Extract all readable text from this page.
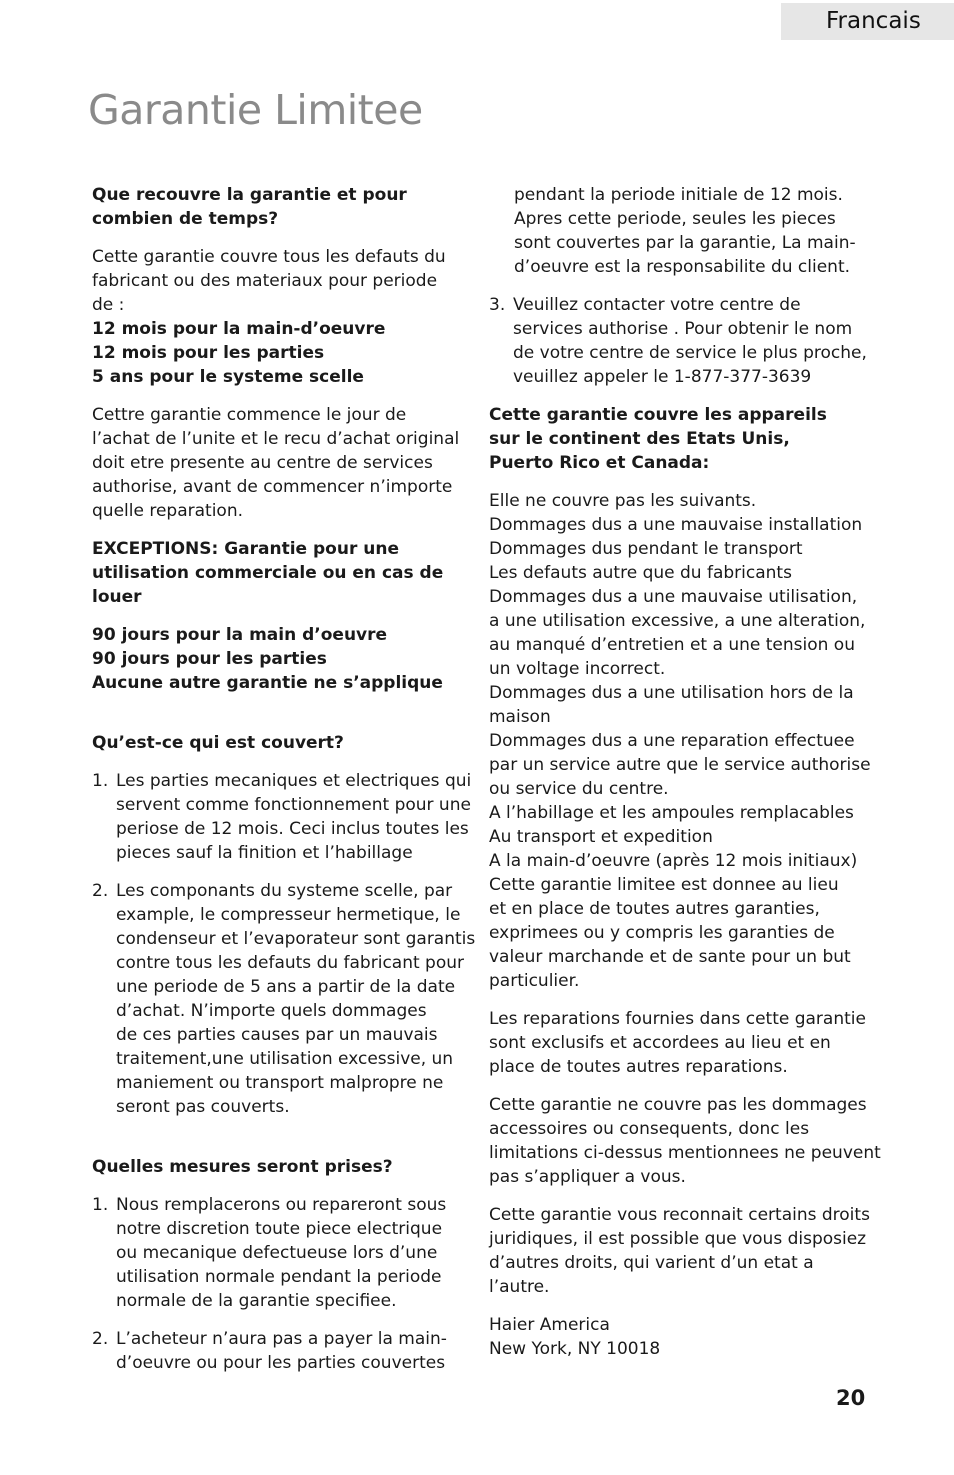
Francais
Garantie Limitee
Que recouvre la garantie et pour
combien de temps?
Cette garantie couvre tous les defauts du
fabricant ou des materiaux pour periode
de :
12 mois pour la main-d’oeuvre
12 mois pour les parties
5 ans pour le systeme scelle
Cettre garantie commence le jour de
l’achat de l’unite et le recu d’achat original
doit etre presente au centre de services
authorise, avant de commencer n’importe
quelle reparation.
EXCEPTIONS: Garantie pour une
utilisation commerciale ou en cas de
louer
90 jours pour la main d’oeuvre
90 jours pour les parties
Aucune autre garantie ne s’applique
Qu’est-ce qui est couvert?
1. Les parties mecaniques et electriques qui
servent comme fonctionnement pour une
periose de 12 mois. Ceci inclus toutes les
pieces sauf la finition et l’habillage
2. Les componants du systeme scelle, par
example, le compresseur hermetique, le
condenseur et l’evaporateur sont garantis
contre tous les defauts du fabricant pour
une periode de 5 ans a partir de la date
d’achat. N’importe quels dommages
de ces parties causes par un mauvais
traitement,une utilisation excessive, un
maniement ou transport malpropre ne
seront pas couverts.
Quelles mesures seront prises?
1. Nous remplacerons ou repareront sous
notre discretion toute piece electrique
ou mecanique defectueuse lors d’une
utilisation normale pendant la periode
normale de la garantie specifiee.
2. L’acheteur n’aura pas a payer la main-
d’oeuvre ou pour les parties couvertes
pendant la periode initiale de 12 mois.
Apres cette periode, seules les pieces
sont couvertes par la garantie, La main-
d’oeuvre est la responsabilite du client.
3. Veuillez contacter votre centre de
services authorise . Pour obtenir le nom
de votre centre de service le plus proche,
veuillez appeler le 1-877-377-3639
Cette garantie couvre les appareils
sur le continent des Etats Unis,
Puerto Rico et Canada:
Elle ne couvre pas les suivants.
Dommages dus a une mauvaise installation
Dommages dus pendant le transport
Les defauts autre que du fabricants
Dommages dus a une mauvaise utilisation,
a une utilisation excessive, a une alteration,
au manqué d’entretien et a une tension ou
un voltage incorrect.
Dommages dus a une utilisation hors de la
maison
Dommages dus a une reparation effectuee
par un service autre que le service authorise
ou service du centre.
A l’habillage et les ampoules remplacables
Au transport et expedition
A la main-d’oeuvre (après 12 mois initiaux)
Cette garantie limitee est donnee au lieu
et en place de toutes autres garanties,
exprimees ou y compris les garanties de
valeur marchande et de sante pour un but
particulier.
Les reparations fournies dans cette garantie
sont exclusifs et accordees au lieu et en
place de toutes autres reparations.
Cette garantie ne couvre pas les dommages
accessoires ou consequents, donc les
limitations ci-dessus mentionnees ne peuvent
pas s’appliquer a vous.
Cette garantie vous reconnait certains droits
juridiques, il est possible que vous disposiez
d’autres droits, qui varient d’un etat a
l’autre.
Haier America
New York, NY 10018
20
